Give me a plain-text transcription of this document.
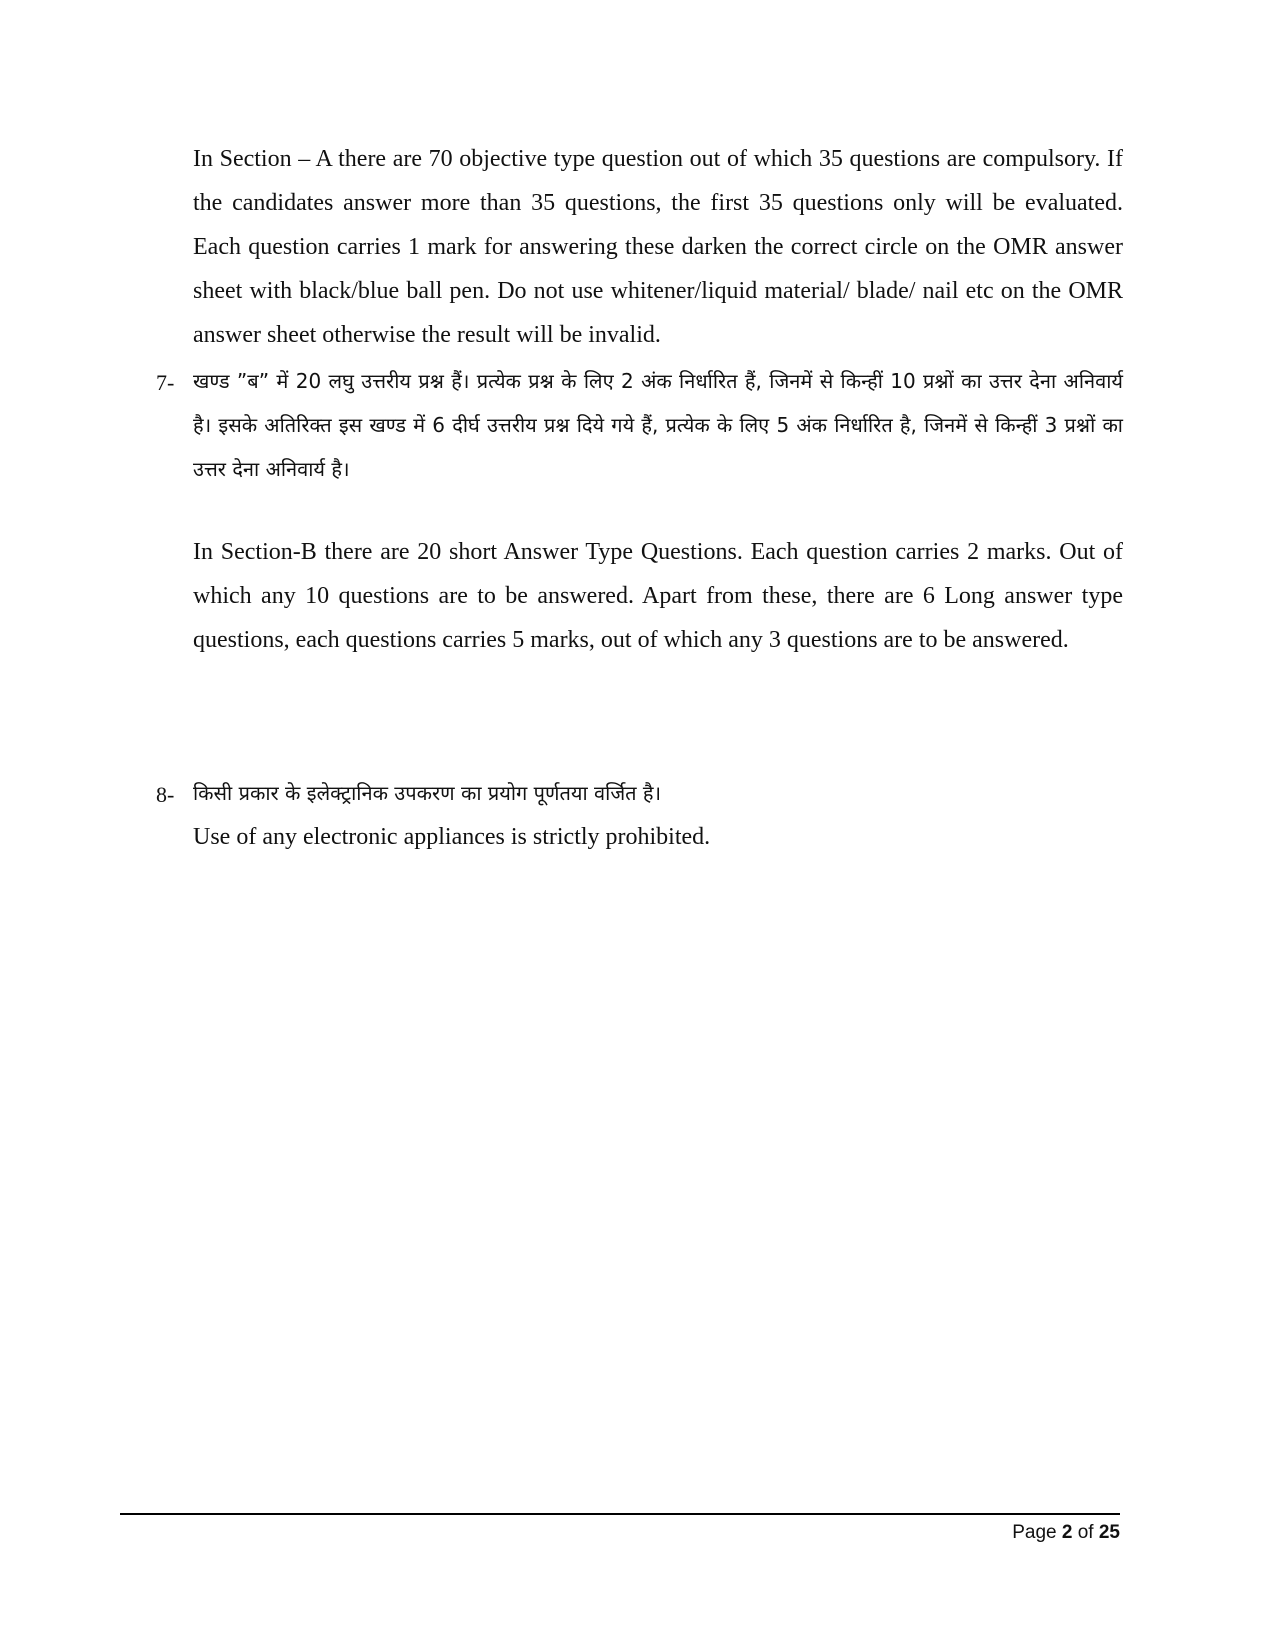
In Section – A there are 70 objective type question out of which 35 questions are compulsory. If the candidates answer more than 35 questions, the first 35 questions only will be evaluated. Each question carries 1 mark for answering these darken the correct circle on the OMR answer sheet with black/blue ball pen. Do not use whitener/liquid material/ blade/ nail etc on the OMR answer sheet otherwise the result will be invalid.
7- खण्ड ”ब” में 20 लघु उत्तरीय प्रश्न हैं। प्रत्येक प्रश्न के लिए 2 अंक निर्धारित हैं, जिनमें से किन्हीं 10 प्रश्नों का उत्तर देना अनिवार्य है। इसके अतिरिक्त इस खण्ड में 6 दीर्घ उत्तरीय प्रश्न दिये गये हैं, प्रत्येक के लिए 5 अंक निर्धारित है, जिनमें से किन्हीं 3 प्रश्नों का उत्तर देना अनिवार्य है।
In Section-B there are 20 short Answer Type Questions. Each question carries 2 marks. Out of which any 10 questions are to be answered. Apart from these, there are 6 Long answer type questions, each questions carries 5 marks, out of which any 3 questions are to be answered.
8- किसी प्रकार के इलेक्ट्रानिक उपकरण का प्रयोग पूर्णतया वर्जित है।
Use of any electronic appliances is strictly prohibited.
Page 2 of 25
